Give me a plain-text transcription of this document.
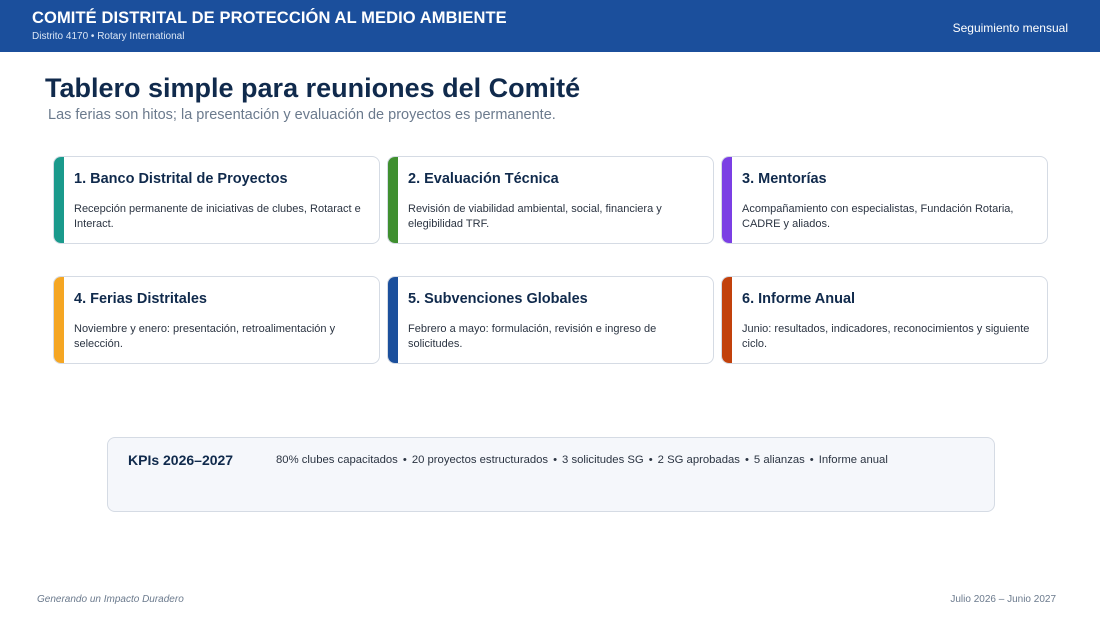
COMITÉ DISTRITAL DE PROTECCIÓN AL MEDIO AMBIENTE
Distrito 4170 • Rotary International
Seguimiento mensual
Tablero simple para reuniones del Comité
Las ferias son hitos; la presentación y evaluación de proyectos es permanente.
1. Banco Distrital de Proyectos
Recepción permanente de iniciativas de clubes, Rotaract e Interact.
2. Evaluación Técnica
Revisión de viabilidad ambiental, social, financiera y elegibilidad TRF.
3. Mentorías
Acompañamiento con especialistas, Fundación Rotaria, CADRE y aliados.
4. Ferias Distritales
Noviembre y enero: presentación, retroalimentación y selección.
5. Subvenciones Globales
Febrero a mayo: formulación, revisión e ingreso de solicitudes.
6. Informe Anual
Junio: resultados, indicadores, reconocimientos y siguiente ciclo.
KPIs 2026–2027	80% clubes capacitados • 20 proyectos estructurados • 3 solicitudes SG • 2 SG aprobadas • 5 alianzas • Informe anual
Generando un Impacto Duradero	Julio 2026 – Junio 2027
